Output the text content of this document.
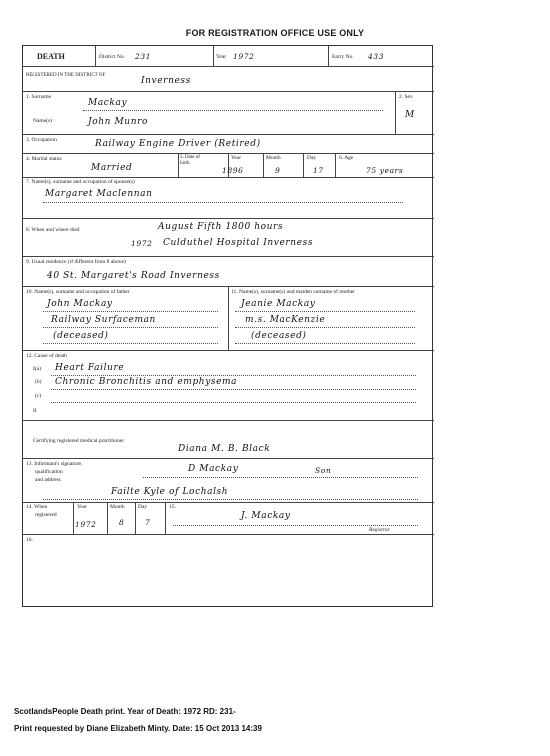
FOR REGISTRATION OFFICE USE ONLY
DEATH	District No. 231	Year 1972	Entry No. 433
REGISTERED IN THE DISTRICT OF
Inverness
1. Surname
Mackay
Name(s)	John Munro
2. Sex
M
3. Occupation	Railway Engine Driver (Retired)
4. Marital status
Married
5. Date of birth
Year
1896
Month
9
Day
17
6. Age
75 years
7. Name(s), surname and occupation of spouse(s)
Margaret Maclennan
8. When and where died	August Fifth 1800 hours
1972 Culduthel Hospital Inverness
9. Usual residence (if different from 8 above)
40 St. Margaret's Road Inverness
10. Name(s), surname and occupation of father	11. Name(s), surname(s) and maiden surname of mother
John Mackay
Railway Surfaceman
(deceased)
Jeanie Mackay
m.s. MacKenzie
(deceased)
12. Cause of death
I(a) Heart Failure
(b) Chronic Bronchitis and emphysema
(c)
II
Certifying registered medical practitioner
Diana M. B. Black
13. Informant's signature,
qualification
and address
D Mackay	Son
Failte Kyle of Lochalsh
14. When
registered
Year
1972
Month
8
Day
7
15.
J. Mackay
Registrar
16.
ScotlandsPeople Death print. Year of Death: 1972 RD: 231-
Print requested by Diane Elizabeth Minty. Date: 15 Oct 2013 14:39
